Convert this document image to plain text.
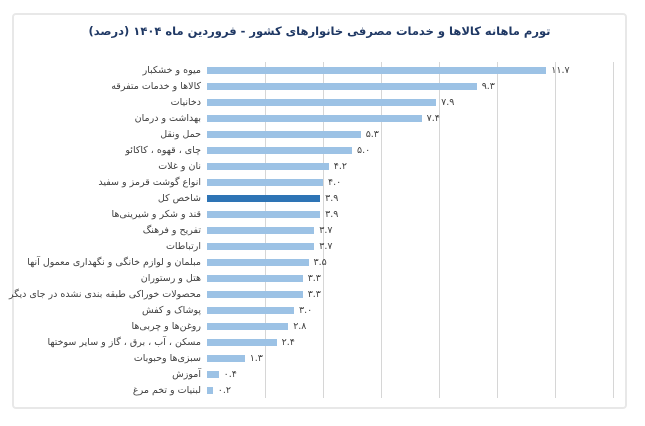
تورم ماهانه کالاها و خدمات مصرفی خانوارهای کشور - فروردین ماه ۱۴۰۴ (درصد)
میوه و خشکبار	۱۱.۷
کالاها و خدمات متفرقه	۹.۳
دخانیات	۷.۹
بهداشت و درمان	۷.۴
حمل ونقل	۵.۳
چای ، قهوه ، کاکائو	۵.۰
نان و غلات	۴.۲
انواع گوشت قرمز و سفید	۴.۰
شاخص کل	۳.۹
قند و شکر و شیرینی‌ها	۳.۹
تفریح و فرهنگ	۳.۷
ارتباطات	۳.۷
مبلمان و لوازم خانگی و نگهداری معمول آنها	۳.۵
هتل و رستوران	۳.۳
محصولات خوراکی طبقه بندی نشده در جای دیگر	۳.۳
پوشاک و کفش	۳.۰
روغن‌ها و چربی‌ها	۲.۸
مسکن ، آب ، برق ، گاز و سایر سوختها	۲.۴
سبزی‌ها وحبوبات	۱.۳
آموزش ۰.۴
لبنیات و تخم مرغ ۰.۲
